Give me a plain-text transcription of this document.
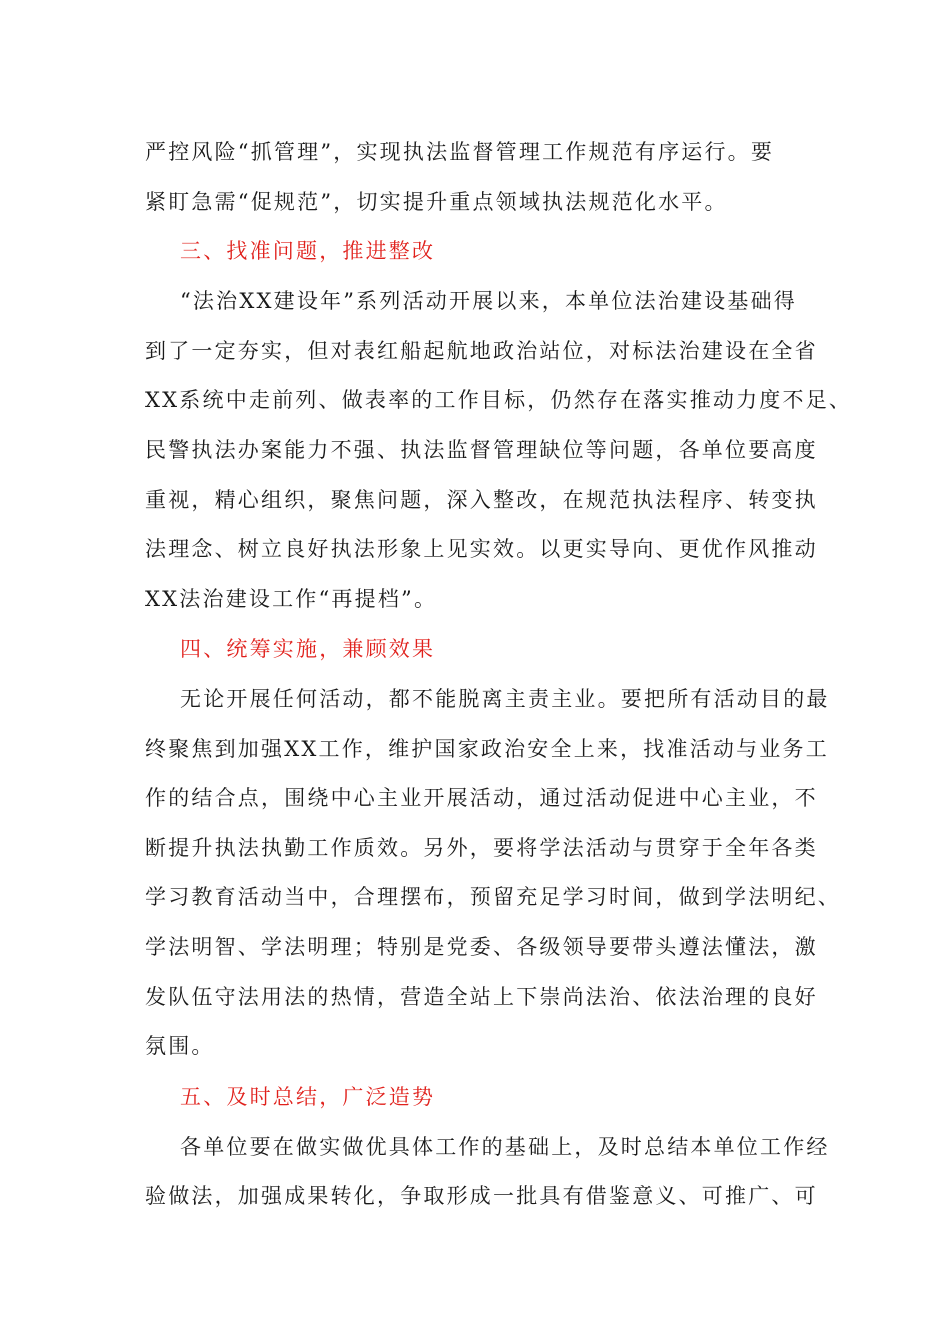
严控风险“抓管理”，实现执法监督管理工作规范有序运行。要
紧盯急需“促规范”，切实提升重点领域执法规范化水平。
三、找准问题，推进整改
“法治XX建设年”系列活动开展以来，本单位法治建设基础得
到了一定夯实，但对表红船起航地政治站位，对标法治建设在全省
XX系统中走前列、做表率的工作目标，仍然存在落实推动力度不足、
民警执法办案能力不强、执法监督管理缺位等问题，各单位要高度
重视，精心组织，聚焦问题，深入整改，在规范执法程序、转变执
法理念、树立良好执法形象上见实效。以更实导向、更优作风推动
XX法治建设工作“再提档”。
四、统筹实施，兼顾效果
无论开展任何活动，都不能脱离主责主业。要把所有活动目的最
终聚焦到加强XX工作，维护国家政治安全上来，找准活动与业务工
作的结合点，围绕中心主业开展活动，通过活动促进中心主业，不
断提升执法执勤工作质效。另外，要将学法活动与贯穿于全年各类
学习教育活动当中，合理摆布，预留充足学习时间，做到学法明纪、
学法明智、学法明理；特别是党委、各级领导要带头遵法懂法，激
发队伍守法用法的热情，营造全站上下崇尚法治、依法治理的良好
氛围。
五、及时总结，广泛造势
各单位要在做实做优具体工作的基础上，及时总结本单位工作经
验做法，加强成果转化，争取形成一批具有借鉴意义、可推广、可
